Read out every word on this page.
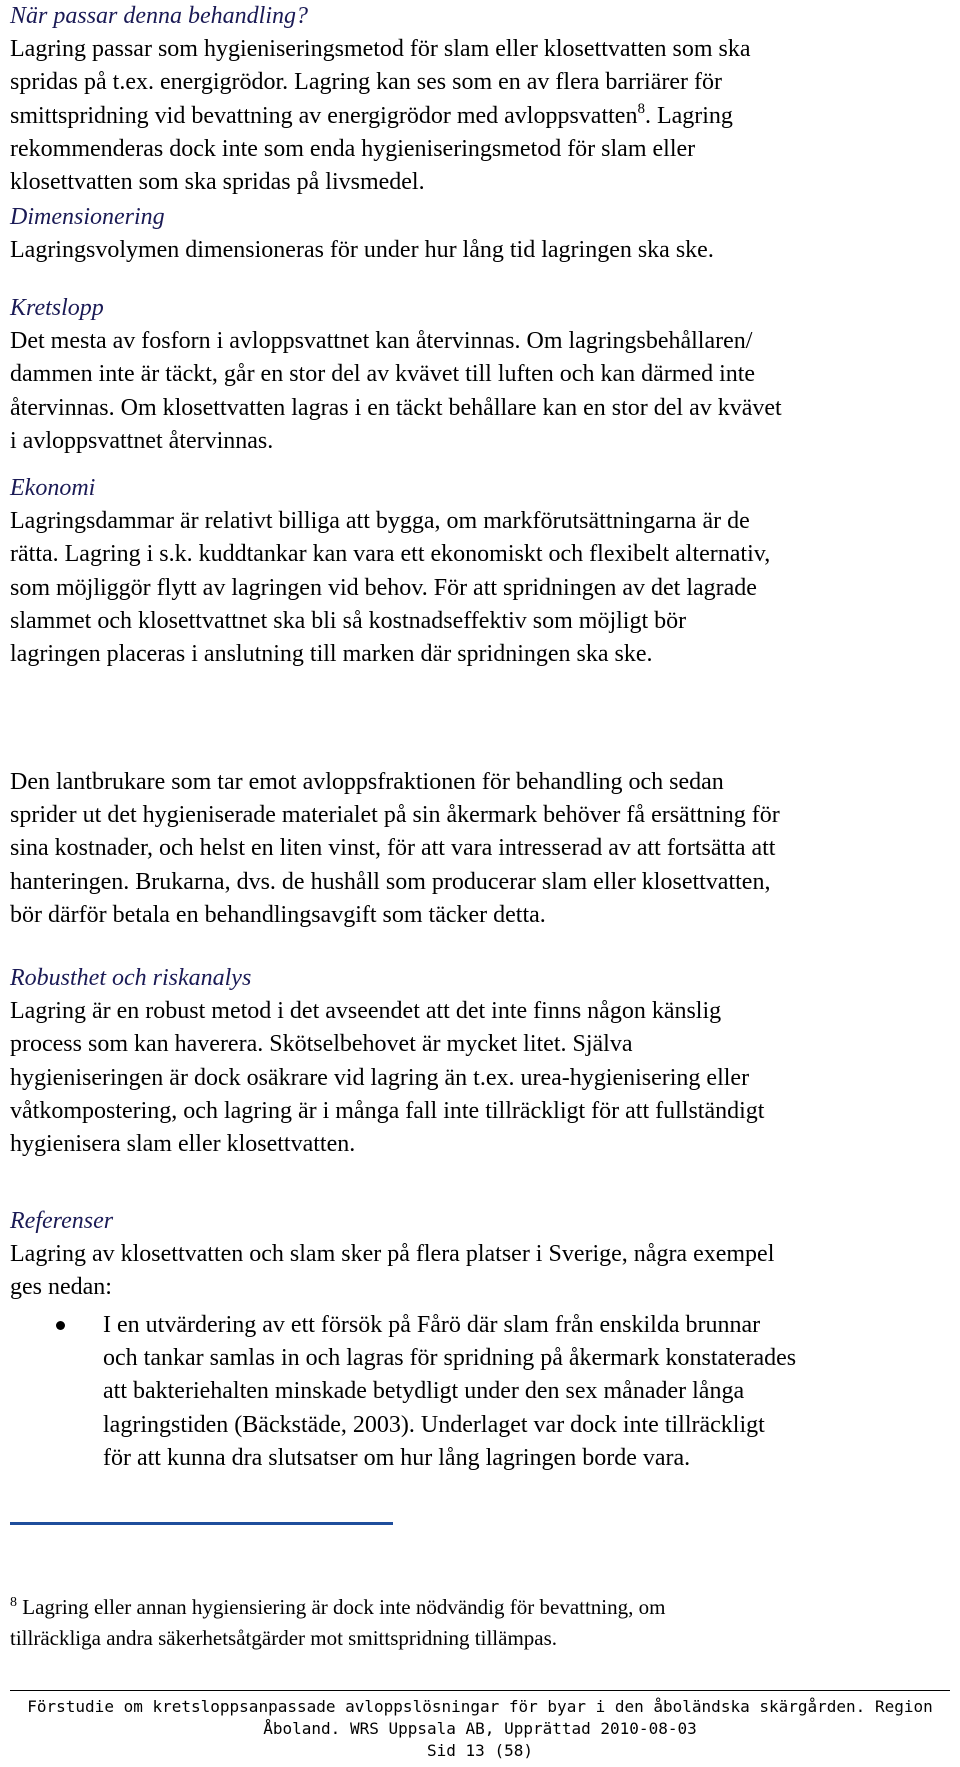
När passar denna behandling?
Lagring passar som hygieniseringsmetod för slam eller klosettvatten som ska
spridas på t.ex. energigrödor. Lagring kan ses som en av flera barriärer för
smittspridning vid bevattning av energigrödor med avloppsvatten$^8$. Lagring
rekommenderas dock inte som enda hygieniseringsmetod för slam eller
klosettvatten som ska spridas på livsmedel.
Dimensionering
Lagringsvolymen dimensioneras för under hur lång tid lagringen ska ske.
Kretslopp
Det mesta av fosforn i avloppsvattnet kan återvinnas. Om lagringsbehållaren/
dammen inte är täckt, går en stor del av kvävet till luften och kan därmed inte
återvinnas. Om klosettvatten lagras i en täckt behållare kan en stor del av kvävet
i avloppsvattnet återvinnas.
Ekonomi
Lagringsdammar är relativt billiga att bygga, om markförutsättningarna är de
rätta. Lagring i s.k. kuddtankar kan vara ett ekonomiskt och flexibelt alternativ,
som möjliggör flytt av lagringen vid behov. För att spridningen av det lagrade
slammet och klosettvattnet ska bli så kostnadseffektiv som möjligt bör
lagringen placeras i anslutning till marken där spridningen ska ske.
Den lantbrukare som tar emot avloppsfraktionen för behandling och sedan
sprider ut det hygieniserade materialet på sin åkermark behöver få ersättning för
sina kostnader, och helst en liten vinst, för att vara intresserad av att fortsätta att
hanteringen. Brukarna, dvs. de hushåll som producerar slam eller klosettvatten,
bör därför betala en behandlingsavgift som täcker detta.
Robusthet och riskanalys
Lagring är en robust metod i det avseendet att det inte finns någon känslig
process som kan haverera. Skötselbehovet är mycket litet. Själva
hygieniseringen är dock osäkrare vid lagring än t.ex. urea-hygienisering eller
våtkompostering, och lagring är i många fall inte tillräckligt för att fullständigt
hygienisera slam eller klosettvatten.
Referenser
Lagring av klosettvatten och slam sker på flera platser i Sverige, några exempel
ges nedan:
I en utvärdering av ett försök på Fårö där slam från enskilda brunnar
och tankar samlas in och lagras för spridning på åkermark konstaterades
att bakteriehalten minskade betydligt under den sex månader långa
lagringstiden (Bäckstäde, 2003). Underlaget var dock inte tillräckligt
för att kunna dra slutsatser om hur lång lagringen borde vara.
$^8$ Lagring eller annan hygiensiering är dock inte nödvändig för bevattning, om
tillräckliga andra säkerhetsåtgärder mot smittspridning tillämpas.
Förstudie om kretsloppsanpassade avloppslösningar för byar i den åboländska skärgården. Region
Åboland. WRS Uppsala AB, Upprättad 2010-08-03
Sid 13 (58)
